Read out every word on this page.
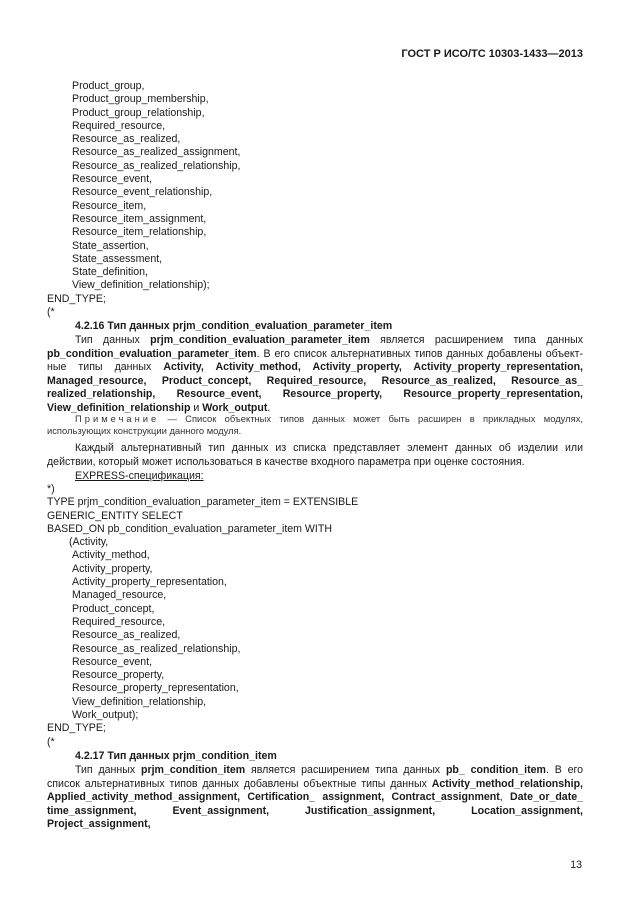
ГОСТ Р ИСО/ТС 10303-1433—2013
Product_group,
Product_group_membership,
Product_group_relationship,
Required_resource,
Resource_as_realized,
Resource_as_realized_assignment,
Resource_as_realized_relationship,
Resource_event,
Resource_event_relationship,
Resource_item,
Resource_item_assignment,
Resource_item_relationship,
State_assertion,
State_assessment,
State_definition,
View_definition_relationship);
END_TYPE;
(*
4.2.16 Тип данных prjm_condition_evaluation_parameter_item
Тип данных prjm_condition_evaluation_parameter_item является расширением типа данных pb_condition_evaluation_parameter_item. В его список альтернативных типов данных добавлены объект-ные типы данных Activity, Activity_method, Activity_property, Activity_property_representation, Managed_resource, Product_concept, Required_resource, Resource_as_realized, Resource_as_ realized_relationship, Resource_event, Resource_property, Resource_property_representation, View_definition_relationship и Work_output.
Примечание — Список объектных типов данных может быть расширен в прикладных модулях, использующих конструкции данного модуля.
Каждый альтернативный тип данных из списка представляет элемент данных об изделии или действии, который может использоваться в качестве входного параметра при оценке состояния.
EXPRESS-спецификация:
*)
TYPE prjm_condition_evaluation_parameter_item = EXTENSIBLE
GENERIC_ENTITY SELECT
BASED_ON pb_condition_evaluation_parameter_item WITH
(Activity,
Activity_method,
Activity_property,
Activity_property_representation,
Managed_resource,
Product_concept,
Required_resource,
Resource_as_realized,
Resource_as_realized_relationship,
Resource_event,
Resource_property,
Resource_property_representation,
View_definition_relationship,
Work_output);
END_TYPE;
(*
4.2.17 Тип данных prjm_condition_item
Тип данных prjm_condition_item является расширением типа данных pb_ condition_item. В его список альтернативных типов данных добавлены объектные типы данных Activity_method_relationship, Applied_activity_method_assignment, Certification_ assignment, Contract_assignment, Date_or_date_ time_assignment, Event_assignment, Justification_assignment, Location_assignment, Project_assignment,
13
